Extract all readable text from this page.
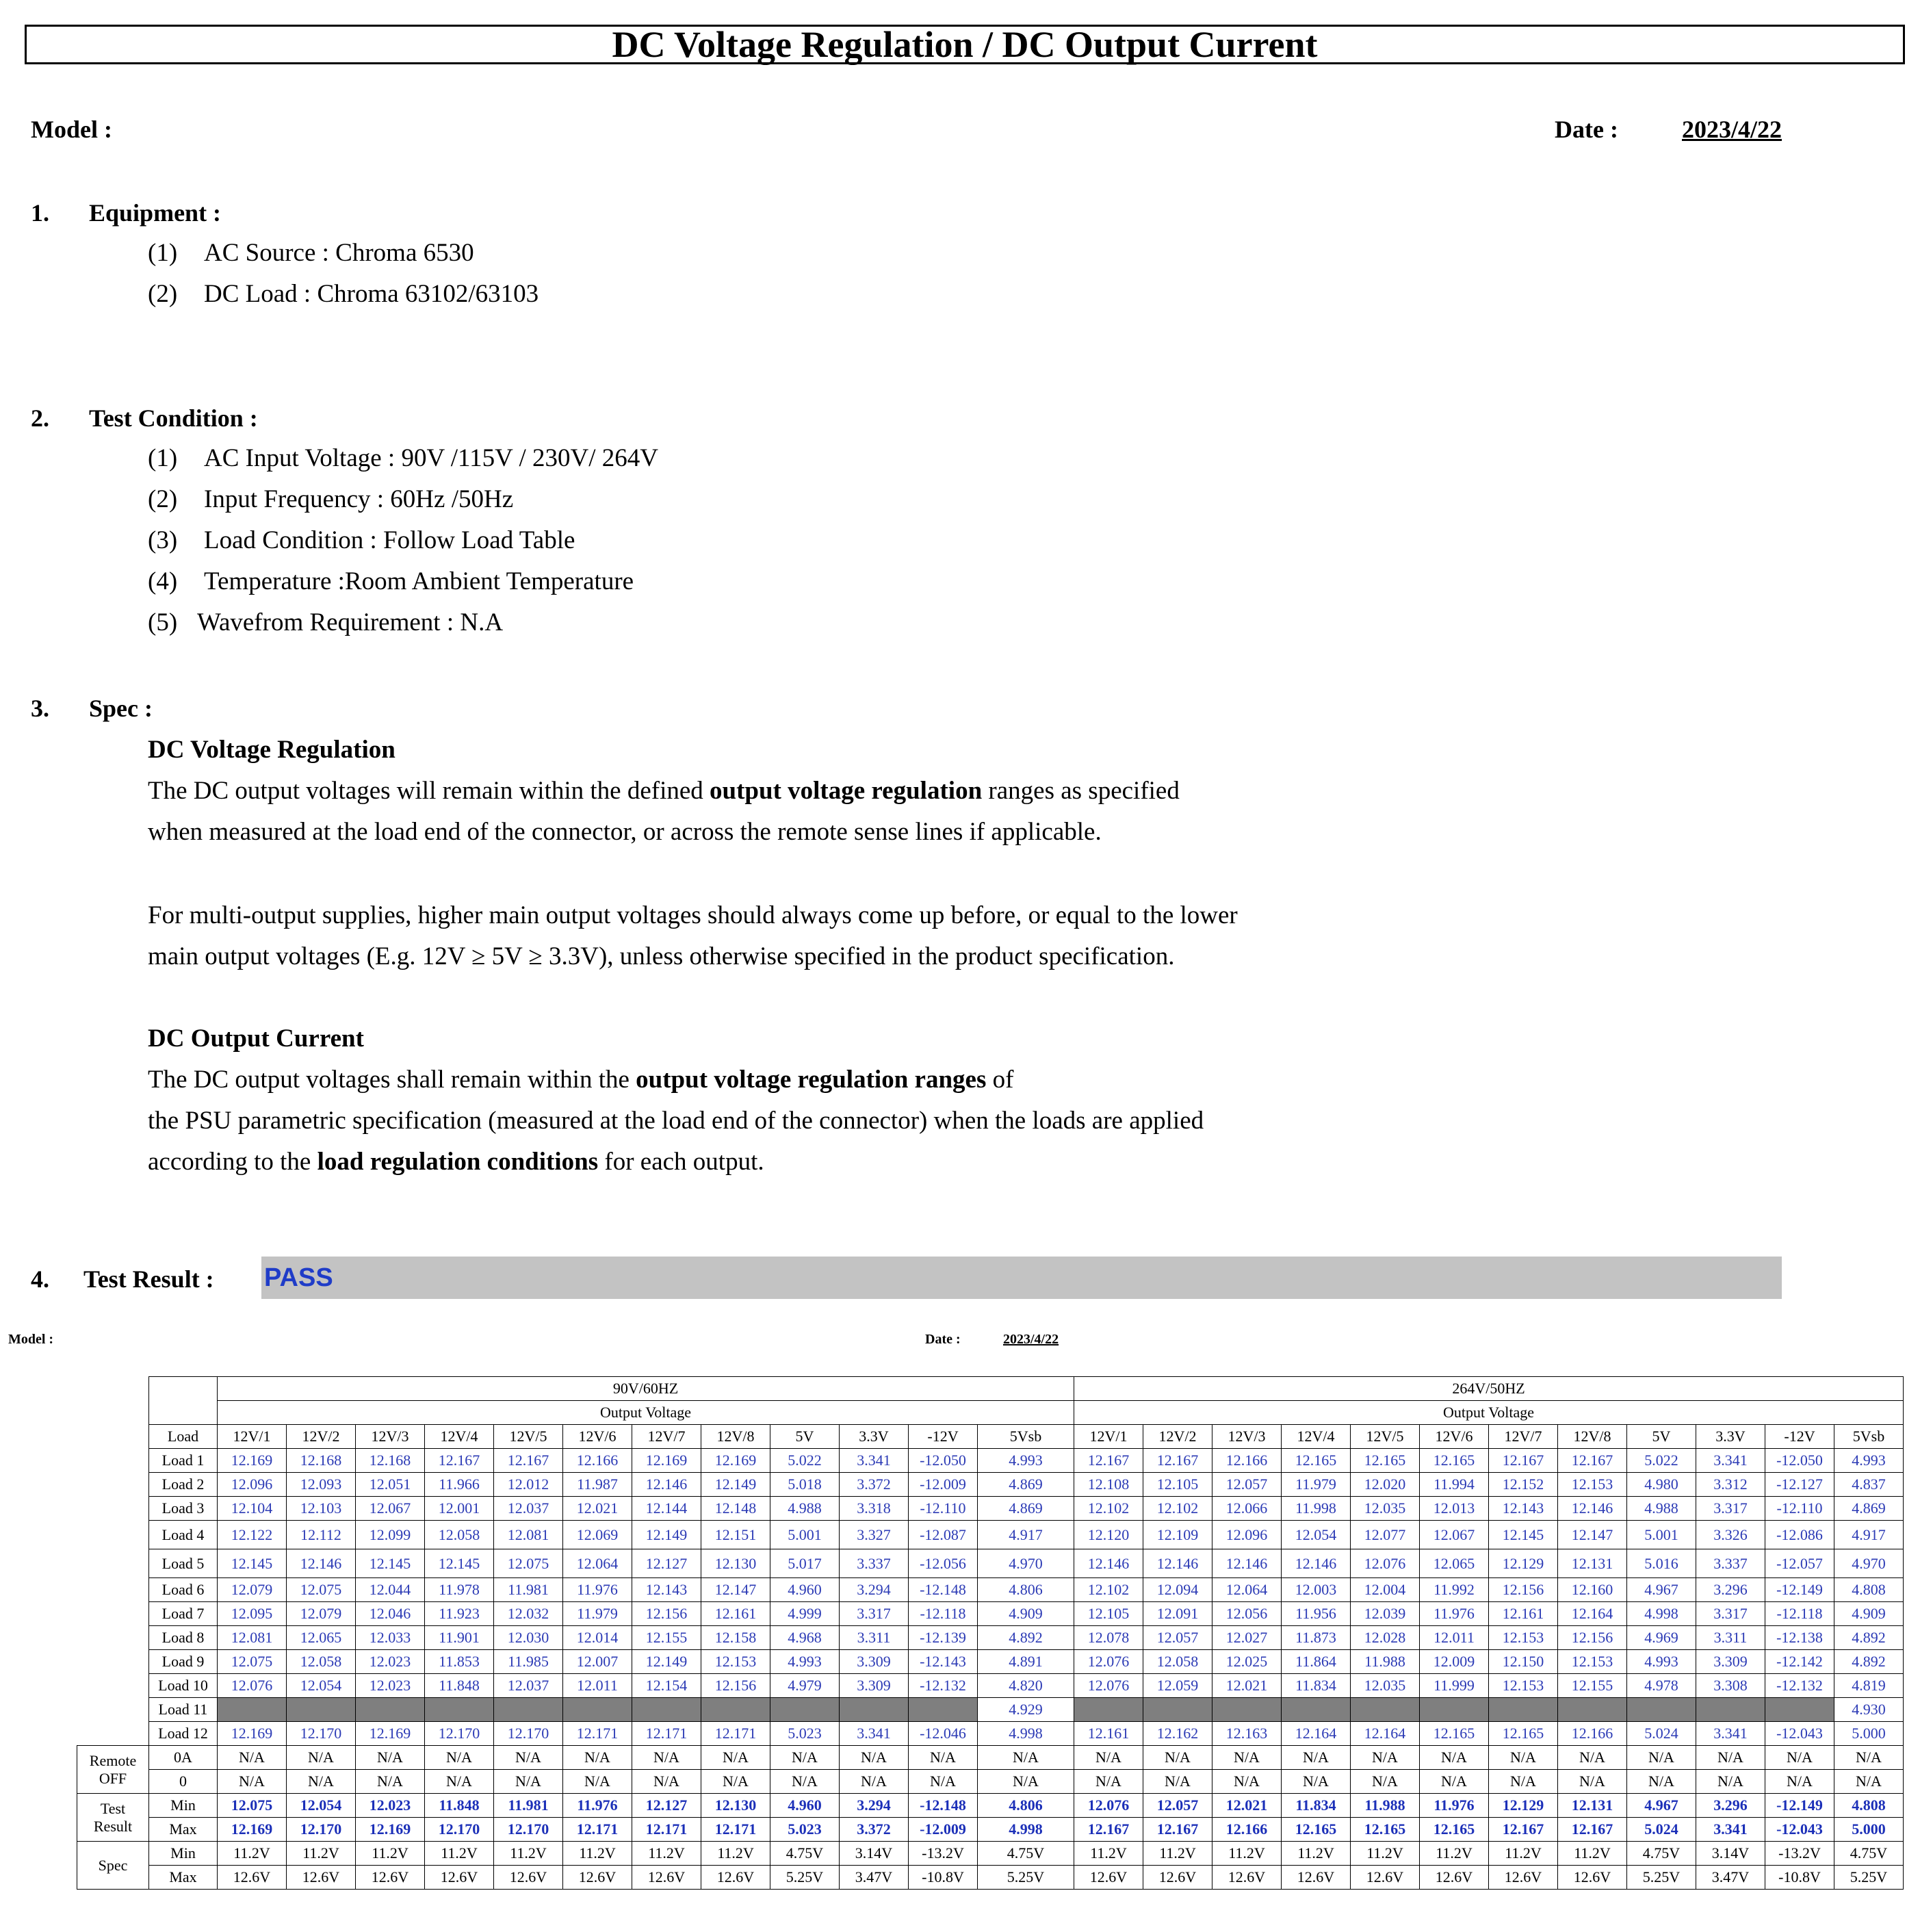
DC Voltage Regulation / DC Output Current
Model :	Date :	2023/4/22
1. Equipment :
(1) AC Source : Chroma 6530
(2) DC Load : Chroma 63102/63103
2. Test Condition :
(1) AC Input Voltage : 90V /115V / 230V/ 264V
(2) Input Frequency : 60Hz /50Hz
(3) Load Condition : Follow Load Table
(4) Temperature :Room Ambient Temperature
(5) Wavefrom Requirement : N.A
3. Spec :
DC Voltage Regulation
The DC output voltages will remain within the defined output voltage regulation ranges as specified
when measured at the load end of the connector, or across the remote sense lines if applicable.
For multi-output supplies, higher main output voltages should always come up before, or equal to the lower
main output voltages (E.g. 12V ≥ 5V ≥ 3.3V), unless otherwise specified in the product specification.
DC Output Current
The DC output voltages shall remain within the output voltage regulation ranges of
the PSU parametric specification (measured at the load end of the connector) when the loads are applied
according to the load regulation conditions for each output.
4. Test Result : PASS
Model :	Date :	2023/4/22
		90V/60HZ												264V/50HZ											
		Output Voltage												Output Voltage											
	Load	12V/1	12V/2	12V/3	12V/4	12V/5	12V/6	12V/7	12V/8	5V	3.3V	-12V	5Vsb	12V/1	12V/2	12V/3	12V/4	12V/5	12V/6	12V/7	12V/8	5V	3.3V	-12V	5Vsb
	Load 1	12.169	12.168	12.168	12.167	12.167	12.166	12.169	12.169	5.022	3.341	-12.050	4.993	12.167	12.167	12.166	12.165	12.165	12.165	12.167	12.167	5.022	3.341	-12.050	4.993
	Load 2	12.096	12.093	12.051	11.966	12.012	11.987	12.146	12.149	5.018	3.372	-12.009	4.869	12.108	12.105	12.057	11.979	12.020	11.994	12.152	12.153	4.980	3.312	-12.127	4.837
	Load 3	12.104	12.103	12.067	12.001	12.037	12.021	12.144	12.148	4.988	3.318	-12.110	4.869	12.102	12.102	12.066	11.998	12.035	12.013	12.143	12.146	4.988	3.317	-12.110	4.869
	Load 4	12.122	12.112	12.099	12.058	12.081	12.069	12.149	12.151	5.001	3.327	-12.087	4.917	12.120	12.109	12.096	12.054	12.077	12.067	12.145	12.147	5.001	3.326	-12.086	4.917
	Load 5	12.145	12.146	12.145	12.145	12.075	12.064	12.127	12.130	5.017	3.337	-12.056	4.970	12.146	12.146	12.146	12.146	12.076	12.065	12.129	12.131	5.016	3.337	-12.057	4.970
	Load 6	12.079	12.075	12.044	11.978	11.981	11.976	12.143	12.147	4.960	3.294	-12.148	4.806	12.102	12.094	12.064	12.003	12.004	11.992	12.156	12.160	4.967	3.296	-12.149	4.808
	Load 7	12.095	12.079	12.046	11.923	12.032	11.979	12.156	12.161	4.999	3.317	-12.118	4.909	12.105	12.091	12.056	11.956	12.039	11.976	12.161	12.164	4.998	3.317	-12.118	4.909
	Load 8	12.081	12.065	12.033	11.901	12.030	12.014	12.155	12.158	4.968	3.311	-12.139	4.892	12.078	12.057	12.027	11.873	12.028	12.011	12.153	12.156	4.969	3.311	-12.138	4.892
	Load 9	12.075	12.058	12.023	11.853	11.985	12.007	12.149	12.153	4.993	3.309	-12.143	4.891	12.076	12.058	12.025	11.864	11.988	12.009	12.150	12.153	4.993	3.309	-12.142	4.892
	Load 10	12.076	12.054	12.023	11.848	12.037	12.011	12.154	12.156	4.979	3.309	-12.132	4.820	12.076	12.059	12.021	11.834	12.035	11.999	12.153	12.155	4.978	3.308	-12.132	4.819
	Load 11												4.929												4.930
	Load 12	12.169	12.170	12.169	12.170	12.170	12.171	12.171	12.171	5.023	3.341	-12.046	4.998	12.161	12.162	12.163	12.164	12.164	12.165	12.165	12.166	5.024	3.341	-12.043	5.000

Remote
OFF	0A	N/A	N/A	N/A	N/A	N/A	N/A	N/A	N/A	N/A	N/A	N/A	N/A	N/A	N/A	N/A	N/A	N/A	N/A	N/A	N/A	N/A	N/A	N/A	N/A
	0	N/A	N/A	N/A	N/A	N/A	N/A	N/A	N/A	N/A	N/A	N/A	N/A	N/A	N/A	N/A	N/A	N/A	N/A	N/A	N/A	N/A	N/A	N/A	N/A

Test
Result	Min	12.075	12.054	12.023	11.848	11.981	11.976	12.127	12.130	4.960	3.294	-12.148	4.806	12.076	12.057	12.021	11.834	11.988	11.976	12.129	12.131	4.967	3.296	-12.149	4.808
	Max	12.169	12.170	12.169	12.170	12.170	12.171	12.171	12.171	5.023	3.372	-12.009	4.998	12.167	12.167	12.166	12.165	12.165	12.165	12.167	12.167	5.024	3.341	-12.043	5.000
Spec	Min	11.2V	11.2V	11.2V	11.2V	11.2V	11.2V	11.2V	11.2V	4.75V	3.14V	-13.2V	4.75V	11.2V	11.2V	11.2V	11.2V	11.2V	11.2V	11.2V	11.2V	4.75V	3.14V	-13.2V	4.75V
	Max	12.6V	12.6V	12.6V	12.6V	12.6V	12.6V	12.6V	12.6V	5.25V	3.47V	-10.8V	5.25V	12.6V	12.6V	12.6V	12.6V	12.6V	12.6V	12.6V	12.6V	5.25V	3.47V	-10.8V	5.25V
